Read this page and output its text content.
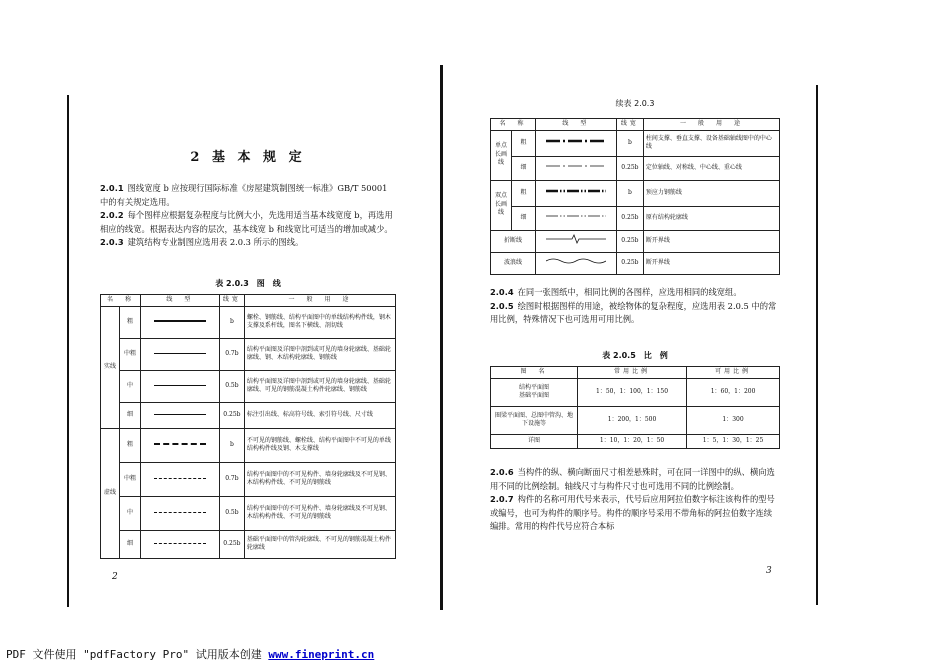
2 基 本 规 定

2.0.1 图线宽度 b 应按现行国际标准《房屋建筑制图统一标准》GB/T 50001 中的有关规定选用。

2.0.2 每个图样应根据复杂程度与比例大小，先选用适当基本线宽度 b，再选用相应的线宽。根据表达内容的层次，基本线宽 b 和线宽比可适当的增加或减少。

2.0.3 建筑结构专业制图应选用表 2.0.3 所示的图线。

表 2.0.3　图　线
名　称		线　型	线宽	一　般　用　途
实线	粗		b	螺栓、钢筋线、结构平面图中的单线结构构件线，钢木支撑及系杆线，图名下横线、剖切线
	中粗		0.7b	结构平面图及详图中剖到或可见的墙身轮廓线、基础轮廓线、钢、木结构轮廓线、钢筋线
	中		0.5b	结构平面图及详图中剖到或可见的墙身轮廓线、基础轮廓线、可见的钢筋混凝土构件轮廓线、钢筋线
	细		0.25b	标注引出线、标高符号线、索引符号线、尺寸线
虚线	粗		b	不可见的钢筋线、螺栓线、结构平面图中不可见的单线结构构件线及钢、木支撑线
	中粗		0.7b	结构平面图中的不可见构件、墙身轮廓线及不可见钢、木结构构件线、不可见的钢筋线
	中		0.5b	结构平面图中的不可见构件、墙身轮廓线及不可见钢、木结构构件线、不可见的钢筋线
	细		0.25b	基础平面图中的管沟轮廓线、不可见的钢筋混凝土构件轮廓线
2
续表 2.0.3
名　称		线　型	线宽	一　般　用　途
单点长画线	粗		b	柱间支撑、垂直支撑、设备基础轴线图中的中心线
	细		0.25b	定位轴线、对称线、中心线、重心线
双点长画线	粗		b	预应力钢筋线
	细		0.25b	原有结构轮廓线
折断线			0.25b	断开界线
波浪线			0.25b	断开界线

2.0.4 在同一张图纸中，相同比例的各图样，应选用相同的线宽组。

2.0.5 绘图时根据图样的用途，被绘物体的复杂程度，应选用表 2.0.5 中的常用比例，特殊情况下也可选用可用比例。

表 2.0.5　比　例
图　名	常用比例	可用比例
结构平面图
基础平面图	1：50，1：100，1：150	1：60，1：200
圈梁平面图、总图中管沟、地下设施等	1：200，1：500	1：300
详图	1：10，1：20，1：50	1：5，1：30，1：25

2.0.6 当构件的纵、横向断面尺寸相差悬殊时，可在同一详图中的纵、横向选用不同的比例绘制。轴线尺寸与构件尺寸也可选用不同的比例绘制。

2.0.7 构件的名称可用代号来表示，代号后应用阿拉伯数字标注该构件的型号或编号，也可为构件的顺序号。构件的顺序号采用不带角标的阿拉伯数字连续编排。常用的构件代号应符合本标

3
PDF 文件使用 "pdfFactory Pro" 试用版本创建 www.fineprint.cn
